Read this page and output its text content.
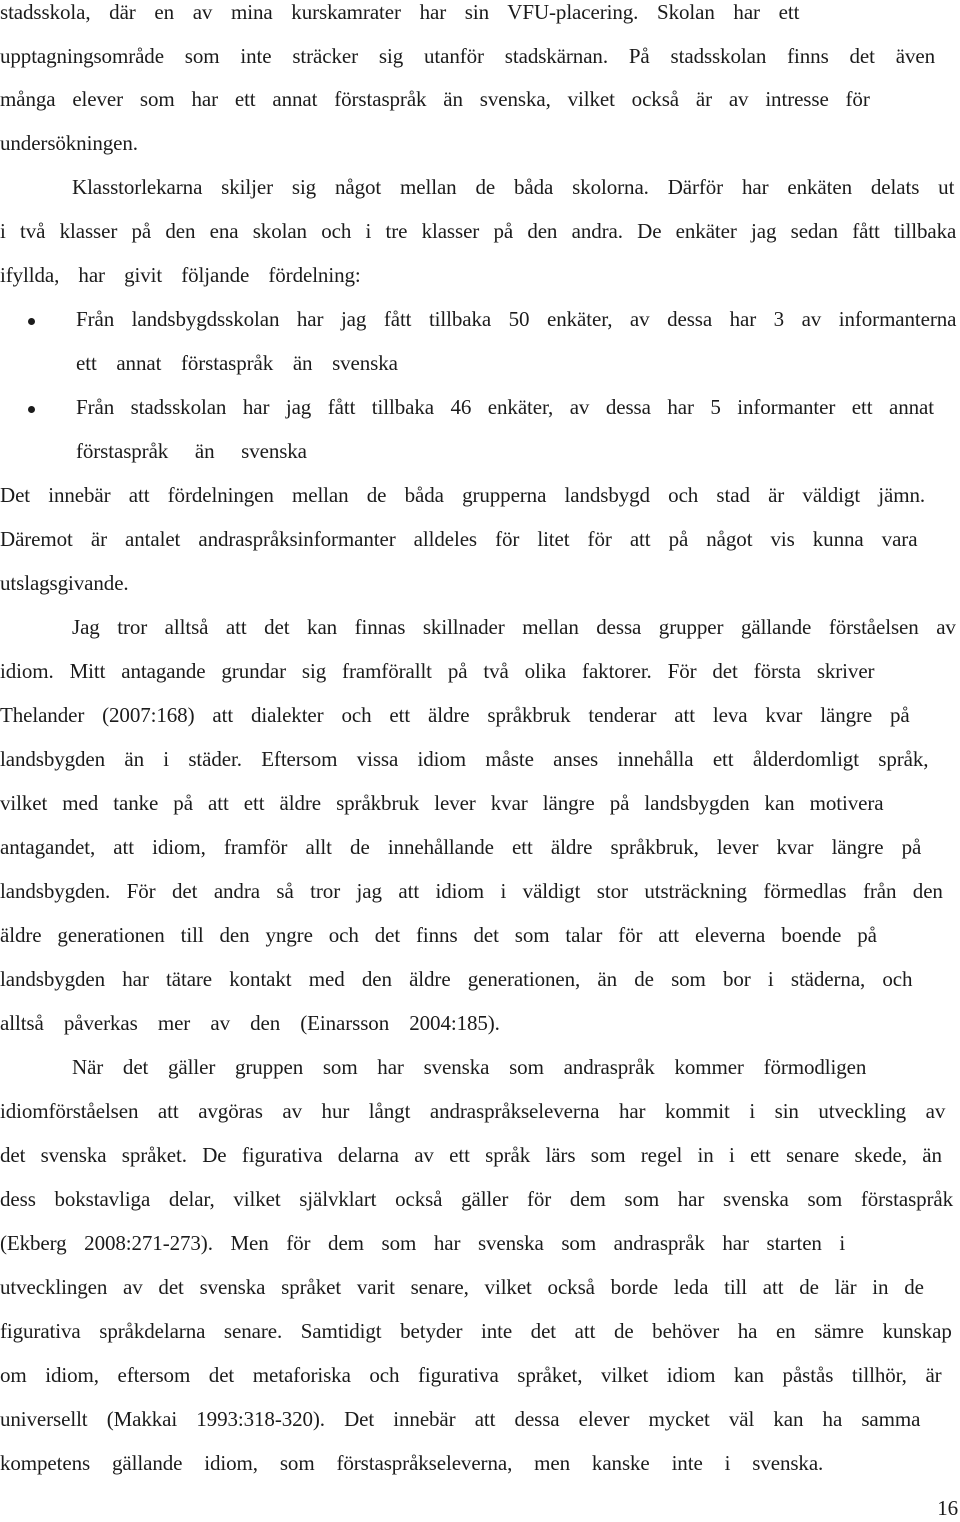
stadsskola, där en av mina kurskamrater har sin VFU-placering. Skolan har ett
upptagningsområde som inte sträcker sig utanför stadskärnan. På stadsskolan finns det även
många elever som har ett annat förstaspråk än svenska, vilket också är av intresse för
undersökningen.
Klasstorlekarna skiljer sig något mellan de båda skolorna. Därför har enkäten delats ut
i två klasser på den ena skolan och i tre klasser på den andra. De enkäter jag sedan fått tillbaka
ifyllda, har givit följande fördelning:
Från landsbygdsskolan har jag fått tillbaka 50 enkäter, av dessa har 3 av informanterna
ett annat förstaspråk än svenska
Från stadsskolan har jag fått tillbaka 46 enkäter, av dessa har 5 informanter ett annat
förstaspråk än svenska
Det innebär att fördelningen mellan de båda grupperna landsbygd och stad är väldigt jämn.
Däremot är antalet andraspråksinformanter alldeles för litet för att på något vis kunna vara
utslagsgivande.
Jag tror alltså att det kan finnas skillnader mellan dessa grupper gällande förståelsen av
idiom. Mitt antagande grundar sig framförallt på två olika faktorer. För det första skriver
Thelander (2007:168) att dialekter och ett äldre språkbruk tenderar att leva kvar längre på
landsbygden än i städer. Eftersom vissa idiom måste anses innehålla ett ålderdomligt språk,
vilket med tanke på att ett äldre språkbruk lever kvar längre på landsbygden kan motivera
antagandet, att idiom, framför allt de innehållande ett äldre språkbruk, lever kvar längre på
landsbygden. För det andra så tror jag att idiom i väldigt stor utsträckning förmedlas från den
äldre generationen till den yngre och det finns det som talar för att eleverna boende på
landsbygden har tätare kontakt med den äldre generationen, än de som bor i städerna, och
alltså påverkas mer av den (Einarsson 2004:185).
När det gäller gruppen som har svenska som andraspråk kommer förmodligen
idiomförståelsen att avgöras av hur långt andraspråkseleverna har kommit i sin utveckling av
det svenska språket. De figurativa delarna av ett språk lärs som regel in i ett senare skede, än
dess bokstavliga delar, vilket självklart också gäller för dem som har svenska som förstaspråk
(Ekberg 2008:271-273). Men för dem som har svenska som andraspråk har starten i
utvecklingen av det svenska språket varit senare, vilket också borde leda till att de lär in de
figurativa språkdelarna senare. Samtidigt betyder inte det att de behöver ha en sämre kunskap
om idiom, eftersom det metaforiska och figurativa språket, vilket idiom kan påstås tillhör, är
universellt (Makkai 1993:318-320). Det innebär att dessa elever mycket väl kan ha samma
kompetens gällande idiom, som förstaspråkseleverna, men kanske inte i svenska.
16
